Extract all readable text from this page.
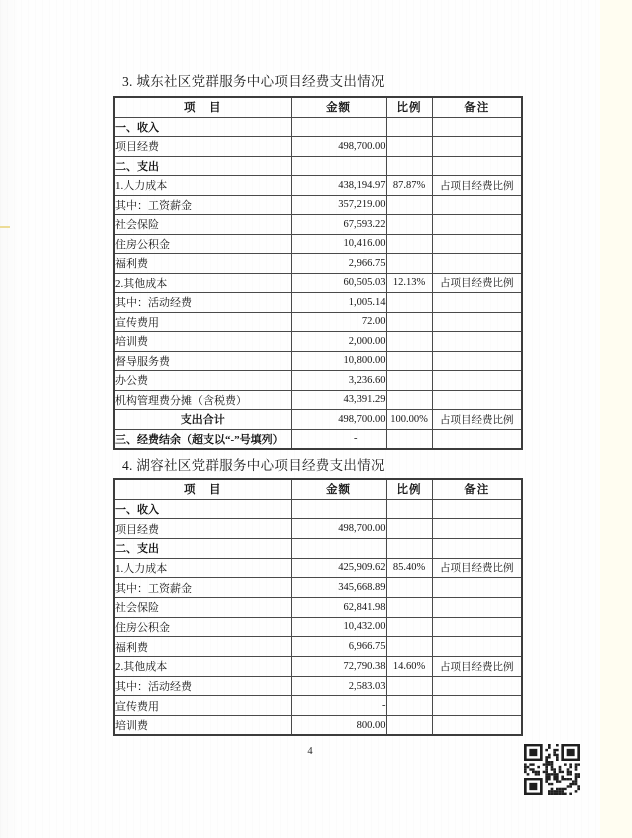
3. 城东社区党群服务中心项目经费支出情况
项　目	金额	比例	备注
一、收入			
项目经费	498,700.00		
二、支出			
1.人力成本	438,194.97	87.87%	占项目经费比例
其中：工资薪金	357,219.00		
社会保险	67,593.22		
住房公积金	10,416.00		
福利费	2,966.75		
2.其他成本	60,505.03	12.13%	占项目经费比例
其中：活动经费	1,005.14		
宣传费用	72.00		
培训费	2,000.00		
督导服务费	10,800.00		
办公费	3,236.60		
机构管理费分摊（含税费）	43,391.29		
支出合计	498,700.00	100.00%	占项目经费比例
三、经费结余（超支以“-”号填列）	-		
4. 湖容社区党群服务中心项目经费支出情况
项　目	金额	比例	备注
一、收入			
项目经费	498,700.00		
二、支出			
1.人力成本	425,909.62	85.40%	占项目经费比例
其中：工资薪金	345,668.89		
社会保险	62,841.98		
住房公积金	10,432.00		
福利费	6,966.75		
2.其他成本	72,790.38	14.60%	占项目经费比例
其中：活动经费	2,583.03		
宣传费用	-		
培训费	800.00		
4
